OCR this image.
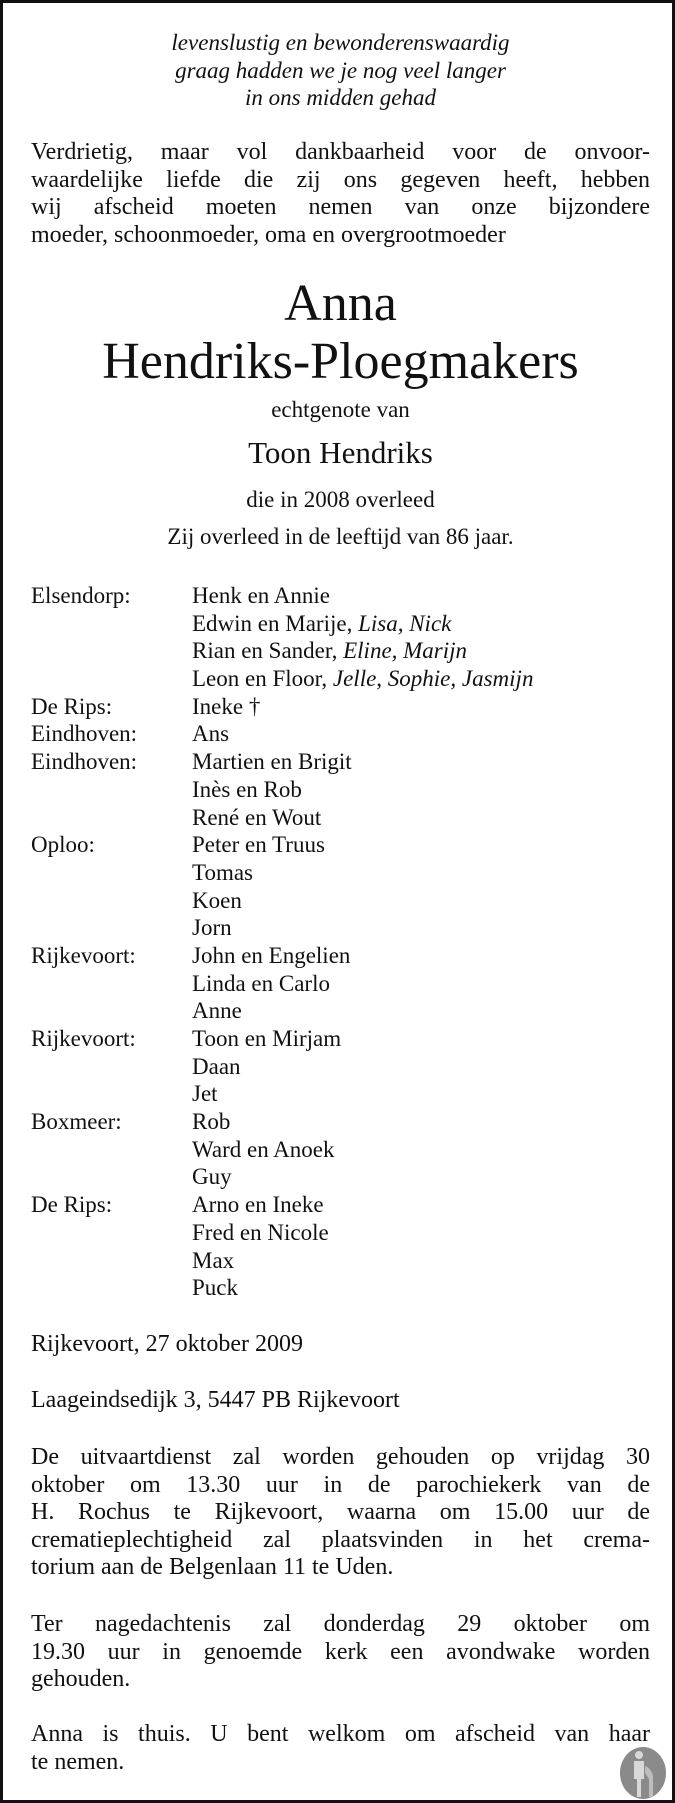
levenslustig en bewonderenswaardig
graag hadden we je nog veel langer
in ons midden gehad
Verdrietig, maar vol dankbaarheid voor de onvoor-
waardelijke liefde die zij ons gegeven heeft, hebben
wij afscheid moeten nemen van onze bijzondere
moeder, schoonmoeder, oma en overgrootmoeder
Anna
Hendriks-Ploegmakers
echtgenote van
Toon Hendriks
die in 2008 overleed
Zij overleed in de leeftijd van 86 jaar.
Elsendorp:	Henk en Annie
Edwin en Marije, Lisa, Nick
Rian en Sander, Eline, Marijn
Leon en Floor, Jelle, Sophie, Jasmijn
De Rips:	Ineke †
Eindhoven:	Ans
Eindhoven:	Martien en Brigit
Inès en Rob
René en Wout
Oploo:	Peter en Truus
Tomas
Koen
Jorn
Rijkevoort:	John en Engelien
Linda en Carlo
Anne
Rijkevoort:	Toon en Mirjam
Daan
Jet
Boxmeer:	Rob
Ward en Anoek
Guy
De Rips:	Arno en Ineke
Fred en Nicole
Max
Puck
Rijkevoort, 27 oktober 2009
Laageindsedijk 3, 5447 PB Rijkevoort
De uitvaartdienst zal worden gehouden op vrijdag 30
oktober om 13.30 uur in de parochiekerk van de
H. Rochus te Rijkevoort, waarna om 15.00 uur de
crematieplechtigheid zal plaatsvinden in het crema-
torium aan de Belgenlaan 11 te Uden.
Ter nagedachtenis zal donderdag 29 oktober om
19.30 uur in genoemde kerk een avondwake worden
gehouden.
Anna is thuis. U bent welkom om afscheid van haar
te nemen.
